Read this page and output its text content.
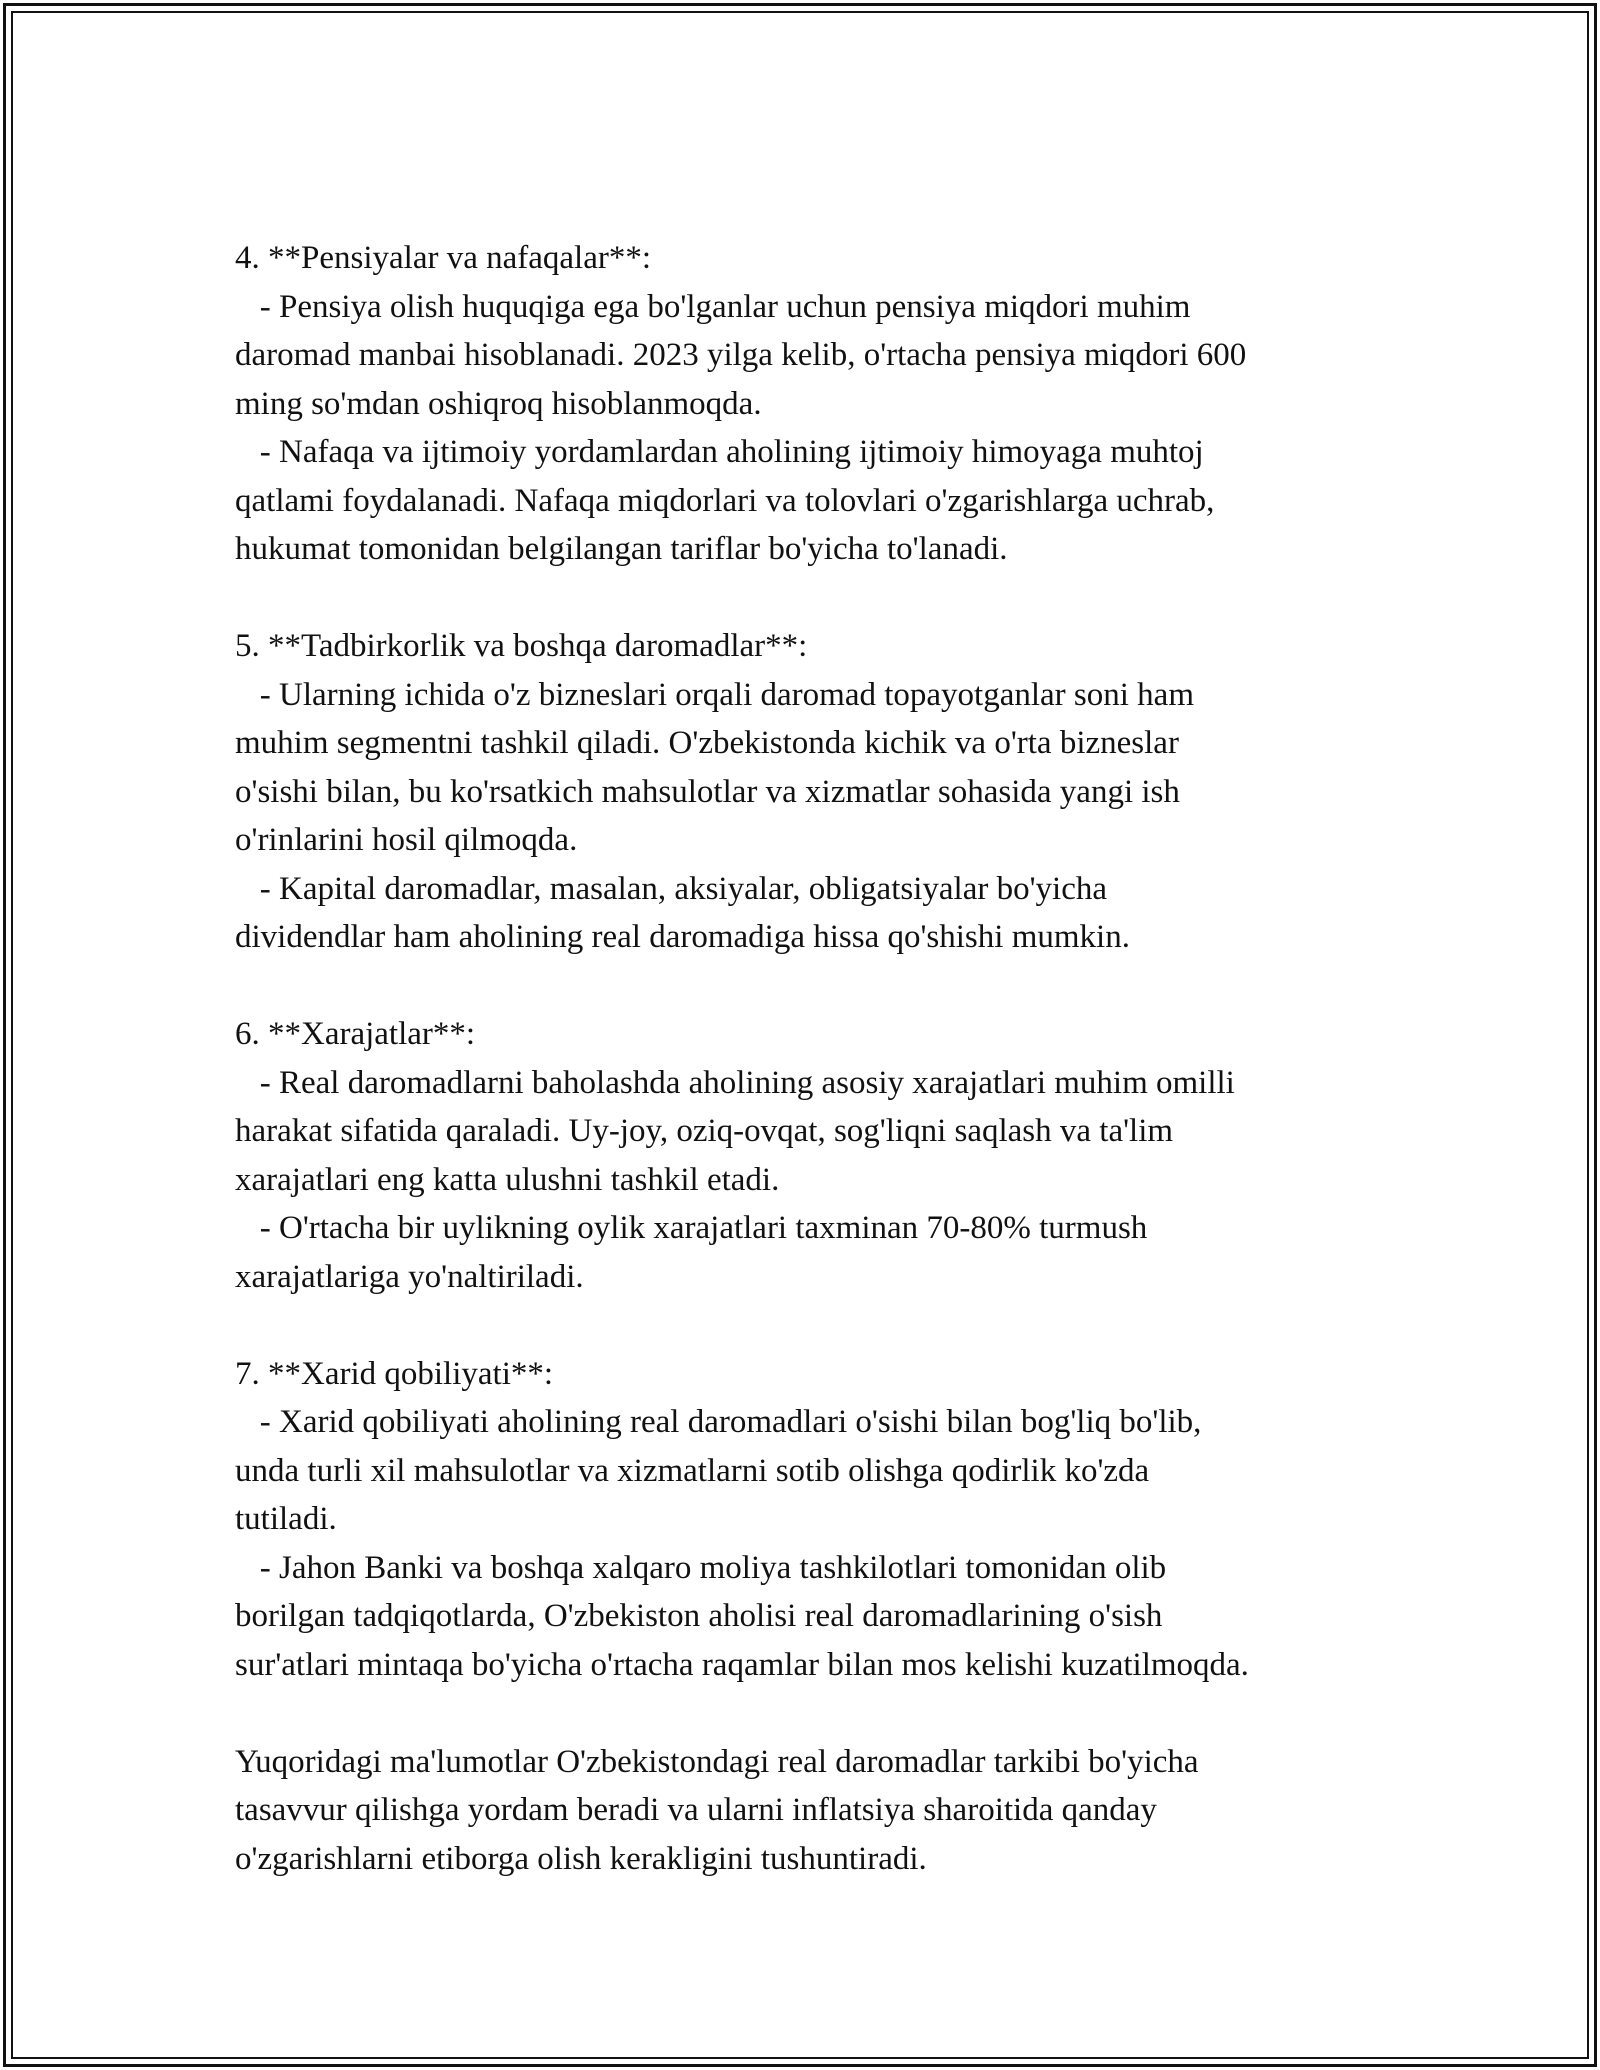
4. **Pensiyalar va nafaqalar**:
- Pensiya olish huquqiga ega bo'lganlar uchun pensiya miqdori muhim
daromad manbai hisoblanadi. 2023 yilga kelib, o'rtacha pensiya miqdori 600
ming so'mdan oshiqroq hisoblanmoqda.
- Nafaqa va ijtimoiy yordamlardan aholining ijtimoiy himoyaga muhtoj
qatlami foydalanadi. Nafaqa miqdorlari va tolovlari o'zgarishlarga uchrab,
hukumat tomonidan belgilangan tariflar bo'yicha to'lanadi.
5. **Tadbirkorlik va boshqa daromadlar**:
- Ularning ichida o'z bizneslari orqali daromad topayotganlar soni ham
muhim segmentni tashkil qiladi. O'zbekistonda kichik va o'rta bizneslar
o'sishi bilan, bu ko'rsatkich mahsulotlar va xizmatlar sohasida yangi ish
o'rinlarini hosil qilmoqda.
- Kapital daromadlar, masalan, aksiyalar, obligatsiyalar bo'yicha
dividendlar ham aholining real daromadiga hissa qo'shishi mumkin.
6. **Xarajatlar**:
- Real daromadlarni baholashda aholining asosiy xarajatlari muhim omilli
harakat sifatida qaraladi. Uy-joy, oziq-ovqat, sog'liqni saqlash va ta'lim
xarajatlari eng katta ulushni tashkil etadi.
- O'rtacha bir uylikning oylik xarajatlari taxminan 70-80% turmush
xarajatlariga yo'naltiriladi.
7. **Xarid qobiliyati**:
- Xarid qobiliyati aholining real daromadlari o'sishi bilan bog'liq bo'lib,
unda turli xil mahsulotlar va xizmatlarni sotib olishga qodirlik ko'zda
tutiladi.
- Jahon Banki va boshqa xalqaro moliya tashkilotlari tomonidan olib
borilgan tadqiqotlarda, O'zbekiston aholisi real daromadlarining o'sish
sur'atlari mintaqa bo'yicha o'rtacha raqamlar bilan mos kelishi kuzatilmoqda.
Yuqoridagi ma'lumotlar O'zbekistondagi real daromadlar tarkibi bo'yicha
tasavvur qilishga yordam beradi va ularni inflatsiya sharoitida qanday
o'zgarishlarni etiborga olish kerakligini tushuntiradi.
